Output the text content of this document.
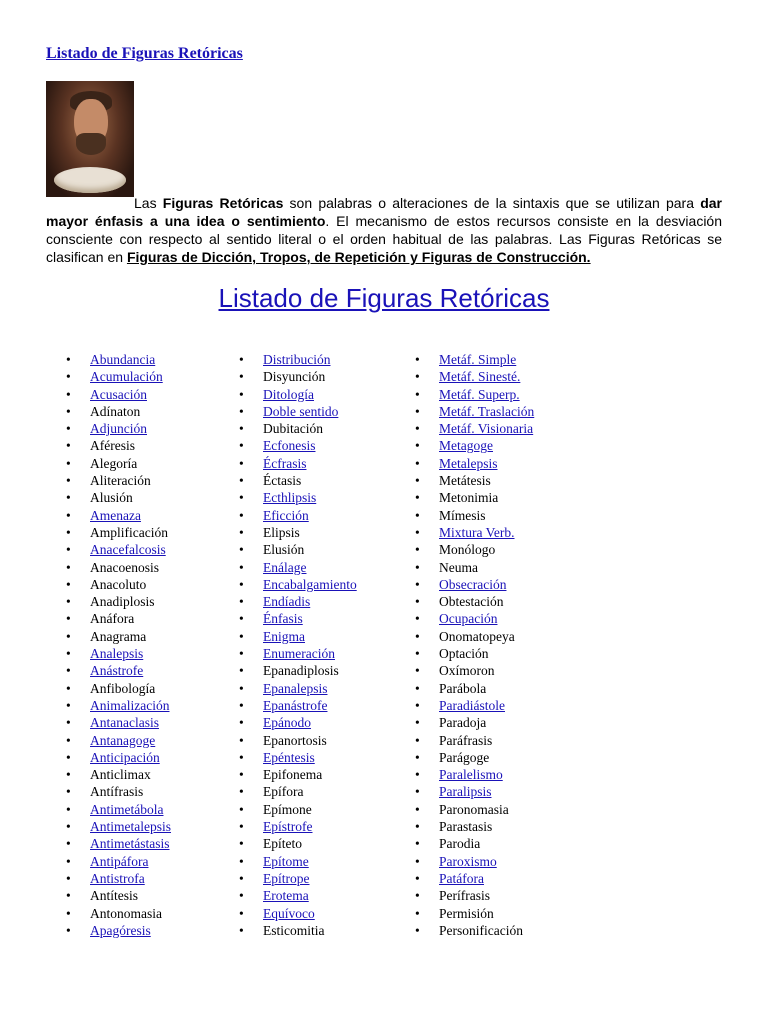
Listado de Figuras Retóricas

Las Figuras Retóricas son palabras o alteraciones de la sintaxis que se utilizan para dar mayor énfasis a una idea o sentimiento. El mecanismo de estos recursos consiste en la desviación consciente con respecto al sentido literal o el orden habitual de las palabras. Las Figuras Retóricas se clasifican en Figuras de Dicción, Tropos, de Repetición y Figuras de Construcción.

Listado de Figuras Retóricas
• Abundancia
• Acumulación
• Acusación
• Adínaton
• Adjunción
• Aféresis
• Alegoría
• Aliteración
• Alusión
• Amenaza
• Amplificación
• Anacefalcosis
• Anacoenosis
• Anacoluto
• Anadiplosis
• Anáfora
• Anagrama
• Analepsis
• Anástrofe
• Anfibología
• Animalización
• Antanaclasis
• Antanagoge
• Anticipación
• Anticlimax
• Antífrasis
• Antimetábola
• Antimetalepsis
• Antimetástasis
• Antipáfora
• Antistrofa
• Antítesis
• Antonomasia
• Apagóresis
• Distribución
• Disyunción
• Ditología
• Doble sentido
• Dubitación
• Ecfonesis
• Écfrasis
• Éctasis
• Ecthlipsis
• Eficción
• Elipsis
• Elusión
• Enálage
• Encabalgamiento
• Endíadis
• Énfasis
• Enigma
• Enumeración
• Epanadiplosis
• Epanalepsis
• Epanástrofe
• Epánodo
• Epanortosis
• Epéntesis
• Epifonema
• Epífora
• Epímone
• Epístrofe
• Epíteto
• Epítome
• Epítrope
• Erotema
• Equívoco
• Esticomitia
• Metáf. Simple
• Metáf. Sinesté.
• Metáf. Superp.
• Metáf. Traslación
• Metáf. Visionaria
• Metagoge
• Metalepsis
• Metátesis
• Metonimia
• Mímesis
• Mixtura Verb.
• Monólogo
• Neuma
• Obsecración
• Obtestación
• Ocupación
• Onomatopeya
• Optación
• Oxímoron
• Parábola
• Paradiástole
• Paradoja
• Paráfrasis
• Parágoge
• Paralelismo
• Paralipsis
• Paronomasia
• Parastasis
• Parodia
• Paroxismo
• Patáfora
• Perífrasis
• Permisión
• Personificación
